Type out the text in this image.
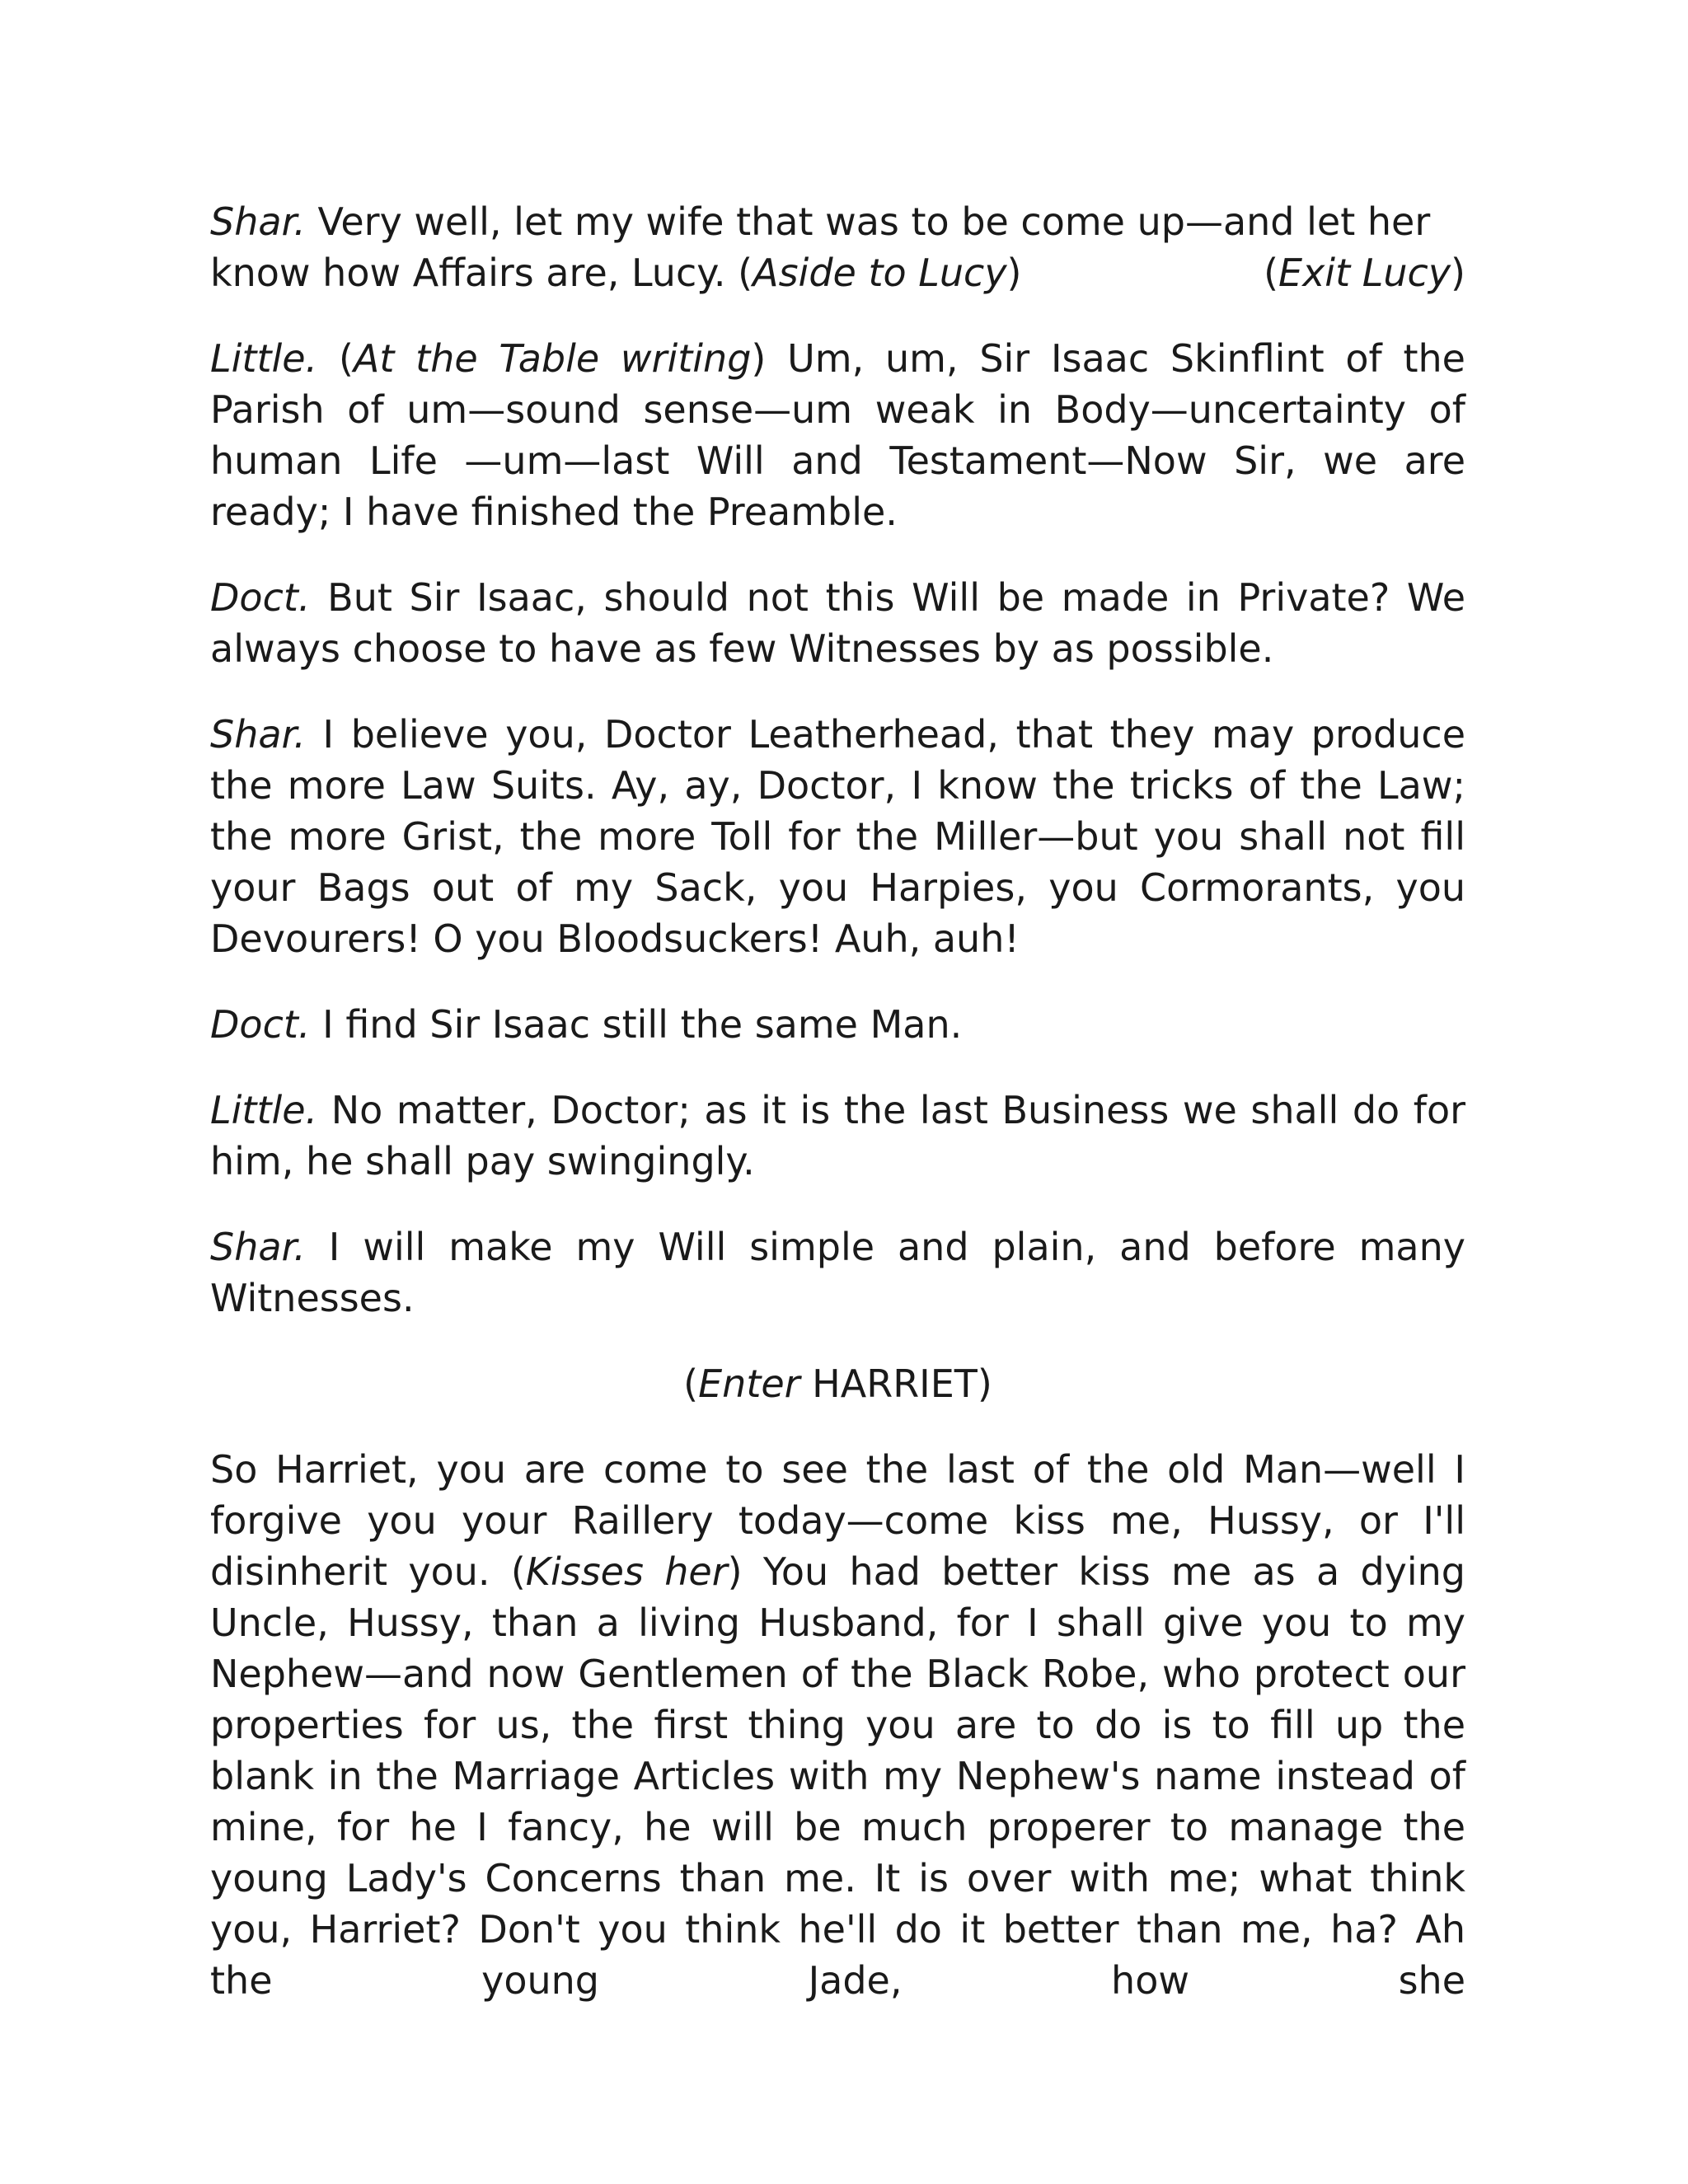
Shar. Very well, let my wife that was to be come up—and let her
know how Affairs are, Lucy. (Aside to Lucy)	(Exit Lucy)
Little. (At the Table writing) Um, um, Sir Isaac Skinflint of the Parish of um—sound sense—um weak in Body—uncertainty of human Life —um—last Will and Testament—Now Sir, we are ready; I have finished the Preamble.
Doct. But Sir Isaac, should not this Will be made in Private? We always choose to have as few Witnesses by as possible.
Shar. I believe you, Doctor Leatherhead, that they may produce the more Law Suits. Ay, ay, Doctor, I know the tricks of the Law; the more Grist, the more Toll for the Miller—but you shall not fill your Bags out of my Sack, you Harpies, you Cormorants, you Devourers! O you Bloodsuckers! Auh, auh!
Doct. I find Sir Isaac still the same Man.
Little. No matter, Doctor; as it is the last Business we shall do for him, he shall pay swingingly.
Shar. I will make my Will simple and plain, and before many Witnesses.
(Enter HARRIET)
So Harriet, you are come to see the last of the old Man—well I forgive you your Raillery today—come kiss me, Hussy, or I'll disinherit you. (Kisses her) You had better kiss me as a dying Uncle, Hussy, than a living Husband, for I shall give you to my Nephew—and now Gentlemen of the Black Robe, who protect our properties for us, the first thing you are to do is to fill up the blank in the Marriage Articles with my Nephew's name instead of mine, for he I fancy, he will be much properer to manage the young Lady's Concerns than me. It is over with me; what think you, Harriet? Don't you think he'll do it better than me, ha? Ah the young Jade, how she
